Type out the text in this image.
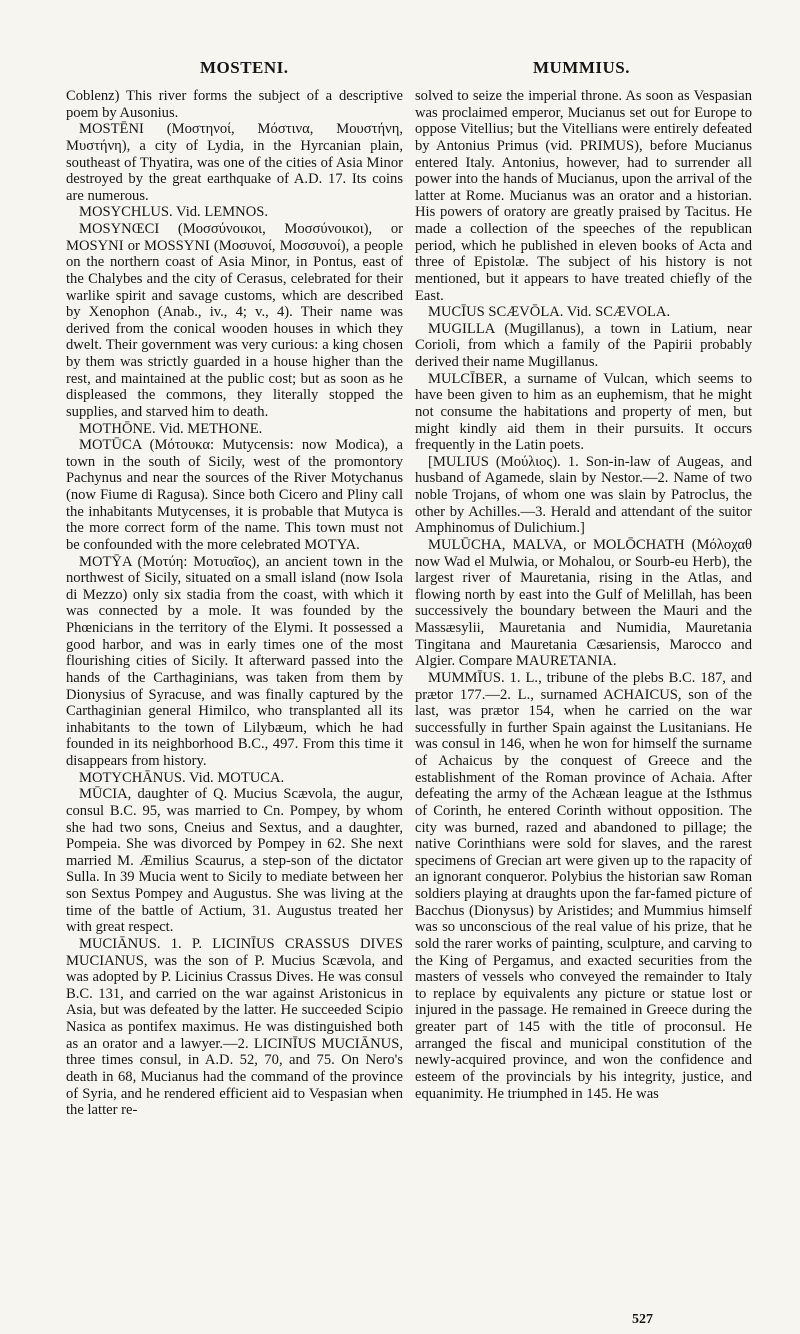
MOSTENI.	MUMMIUS.

Coblenz) This river forms the subject of a descriptive poem by Ausonius.

MOSTĒNI (Μοστηνοί, Μόστινα, Μουστήνη, Μυστήνη), a city of Lydia, in the Hyrcanian plain, southeast of Thyatira, was one of the cities of Asia Minor destroyed by the great earthquake of A.D. 17. Its coins are numerous.

MOSYCHLUS. Vid. LEMNOS.

MOSYNŒCI (Μοσσύνοικοι, Μοσσύνοικοι), or MOSYNI or MOSSYNI (Μοσυνοί, Μοσσυνοί), a people on the northern coast of Asia Minor, in Pontus, east of the Chalybes and the city of Cerasus, celebrated for their warlike spirit and savage customs, which are described by Xenophon (Anab., iv., 4; v., 4). Their name was derived from the conical wooden houses in which they dwelt. Their government was very curious: a king chosen by them was strictly guarded in a house higher than the rest, and maintained at the public cost; but as soon as he displeased the commons, they literally stopped the supplies, and starved him to death.

MOTHŌNE. Vid. METHONE.

MOTŪCA (Μότουκα: Mutycensis: now Modica), a town in the south of Sicily, west of the promontory Pachynus and near the sources of the River Motychanus (now Fiume di Ragusa). Since both Cicero and Pliny call the inhabitants Mutycenses, it is probable that Mutyca is the more correct form of the name. This town must not be confounded with the more celebrated MOTYA.

MOTȲA (Μοτύη: Μοτυαῖος), an ancient town in the northwest of Sicily, situated on a small island (now Isola di Mezzo) only six stadia from the coast, with which it was connected by a mole. It was founded by the Phœnicians in the territory of the Elymi. It possessed a good harbor, and was in early times one of the most flourishing cities of Sicily. It afterward passed into the hands of the Carthaginians, was taken from them by Dionysius of Syracuse, and was finally captured by the Carthaginian general Himilco, who transplanted all its inhabitants to the town of Lilybæum, which he had founded in its neighborhood B.C., 497. From this time it disappears from history.

MOTYCHĀNUS. Vid. MOTUCA.

MŪCIA, daughter of Q. Mucius Scævola, the augur, consul B.C. 95, was married to Cn. Pompey, by whom she had two sons, Cneius and Sextus, and a daughter, Pompeia. She was divorced by Pompey in 62. She next married M. Æmilius Scaurus, a step-son of the dictator Sulla. In 39 Mucia went to Sicily to mediate between her son Sextus Pompey and Augustus. She was living at the time of the battle of Actium, 31. Augustus treated her with great respect.

MUCIĀNUS. 1. P. LICINĪUS CRASSUS DIVES MUCIANUS, was the son of P. Mucius Scævola, and was adopted by P. Licinius Crassus Dives. He was consul B.C. 131, and carried on the war against Aristonicus in Asia, but was defeated by the latter. He succeeded Scipio Nasica as pontifex maximus. He was distinguished both as an orator and a lawyer.—2. LICINĪUS MUCIĀNUS, three times consul, in A.D. 52, 70, and 75. On Nero's death in 68, Mucianus had the command of the province of Syria, and he rendered efficient aid to Vespasian when the latter re-

solved to seize the imperial throne. As soon as Vespasian was proclaimed emperor, Mucianus set out for Europe to oppose Vitellius; but the Vitellians were entirely defeated by Antonius Primus (vid. PRIMUS), before Mucianus entered Italy. Antonius, however, had to surrender all power into the hands of Mucianus, upon the arrival of the latter at Rome. Mucianus was an orator and a historian. His powers of oratory are greatly praised by Tacitus. He made a collection of the speeches of the republican period, which he published in eleven books of Acta and three of Epistolæ. The subject of his history is not mentioned, but it appears to have treated chiefly of the East.

MUCĪUS SCÆVŌLA. Vid. SCÆVOLA.

MUGILLA (Mugillanus), a town in Latium, near Corioli, from which a family of the Papirii probably derived their name Mugillanus.

MULCĪBER, a surname of Vulcan, which seems to have been given to him as an euphemism, that he might not consume the habitations and property of men, but might kindly aid them in their pursuits. It occurs frequently in the Latin poets.

[MULIUS (Μούλιος). 1. Son-in-law of Augeas, and husband of Agamede, slain by Nestor.—2. Name of two noble Trojans, of whom one was slain by Patroclus, the other by Achilles.—3. Herald and attendant of the suitor Amphinomus of Dulichium.]

MULŪCHA, MALVA, or MOLŌCHATH (Μόλοχαθ now Wad el Mulwia, or Mohalou, or Sourb-eu Herb), the largest river of Mauretania, rising in the Atlas, and flowing north by east into the Gulf of Melillah, has been successively the boundary between the Mauri and the Massæsylii, Mauretania and Numidia, Mauretania Tingitana and Mauretania Cæsariensis, Marocco and Algier. Compare MAURETANIA.

MUMMĪUS. 1. L., tribune of the plebs B.C. 187, and prætor 177.—2. L., surnamed ACHAICUS, son of the last, was prætor 154, when he carried on the war successfully in further Spain against the Lusitanians. He was consul in 146, when he won for himself the surname of Achaicus by the conquest of Greece and the establishment of the Roman province of Achaia. After defeating the army of the Achæan league at the Isthmus of Corinth, he entered Corinth without opposition. The city was burned, razed and abandoned to pillage; the native Corinthians were sold for slaves, and the rarest specimens of Grecian art were given up to the rapacity of an ignorant conqueror. Polybius the historian saw Roman soldiers playing at draughts upon the far-famed picture of Bacchus (Dionysus) by Aristides; and Mummius himself was so unconscious of the real value of his prize, that he sold the rarer works of painting, sculpture, and carving to the King of Pergamus, and exacted securities from the masters of vessels who conveyed the remainder to Italy to replace by equivalents any picture or statue lost or injured in the passage. He remained in Greece during the greater part of 145 with the title of proconsul. He arranged the fiscal and municipal constitution of the newly-acquired province, and won the confidence and esteem of the provincials by his integrity, justice, and equanimity. He triumphed in 145. He was

527
